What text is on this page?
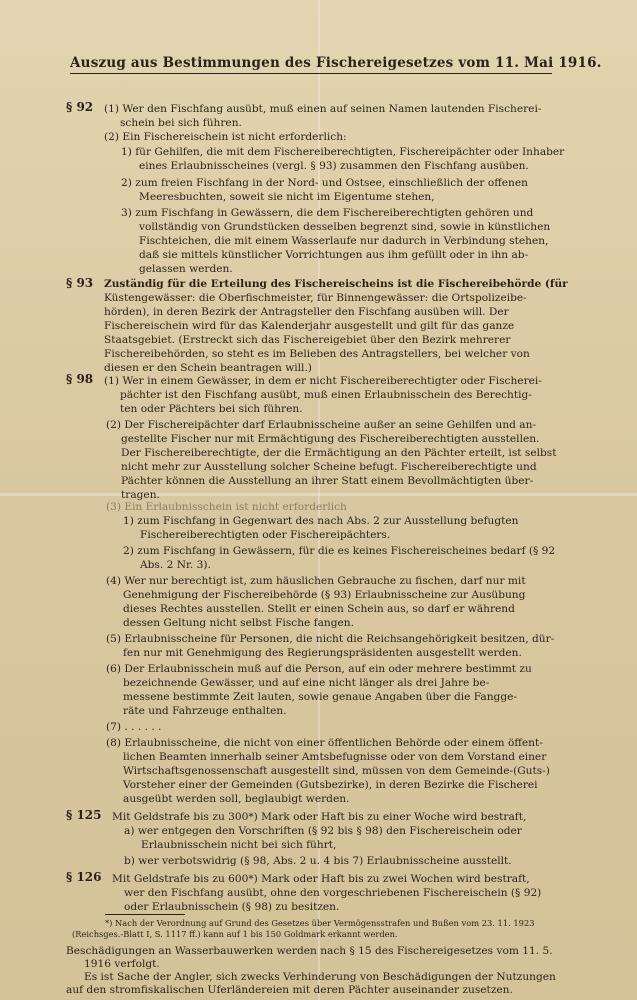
Auszug aus Bestimmungen des Fischereigesetzes vom 11. Mai 1916.
§ 92 (1) Wer den Fischfang ausübt, muß einen auf seinen Namen lautenden Fischerei-
schein bei sich führen.
(2) Ein Fischereischein ist nicht erforderlich:
1) für Gehilfen, die mit dem Fischereiberechtigten, Fischereipächter oder Inhaber
eines Erlaubnisscheines (vergl. § 93) zusammen den Fischfang ausüben.
2) zum freien Fischfang in der Nord- und Ostsee, einschließlich der offenen
Meeresbuchten, soweit sie nicht im Eigentume stehen,
3) zum Fischfang in Gewässern, die dem Fischereiberechtigten gehören und
vollständig von Grundstücken desselben begrenzt sind, sowie in künstlichen
Fischteichen, die mit einem Wasserlaufe nur dadurch in Verbindung stehen,
daß sie mittels künstlicher Vorrichtungen aus ihm gefüllt oder in ihn ab-
gelassen werden.
§ 93 Zuständig für die Erteilung des Fischereischeins ist die Fischereibehörde (für
Küstengewässer: die Oberfischmeister, für Binnengewässer: die Ortspolizeibe-
hörden), in deren Bezirk der Antragsteller den Fischfang ausüben will. Der
Fischereischein wird für das Kalenderjahr ausgestellt und gilt für das ganze
Staatsgebiet. (Erstreckt sich das Fischereigebiet über den Bezirk mehrerer
Fischereibehörden, so steht es im Belieben des Antragstellers, bei welcher von
diesen er den Schein beantragen will.)
§ 98 (1) Wer in einem Gewässer, in dem er nicht Fischereiberechtigter oder Fischerei-
pächter ist den Fischfang ausübt, muß einen Erlaubnisschein des Berechtig-
ten oder Pächters bei sich führen.
(2) Der Fischereipächter darf Erlaubnisscheine außer an seine Gehilfen und an-
gestellte Fischer nur mit Ermächtigung des Fischereiberechtigten ausstellen.
Der Fischereiberechtigte, der die Ermächtigung an den Pächter erteilt, ist selbst
nicht mehr zur Ausstellung solcher Scheine befugt. Fischereiberechtigte und
Pächter können die Ausstellung an ihrer Statt einem Bevollmächtigten über-
tragen.
(3) Ein Erlaubnisschein ist nicht erforderlich
1) zum Fischfang in Gegenwart des nach Abs. 2 zur Ausstellung befugten
Fischereiberechtigten oder Fischereipächters.
2) zum Fischfang in Gewässern, für die es keines Fischereischeines bedarf (§ 92
Abs. 2 Nr. 3).
(4) Wer nur berechtigt ist, zum häuslichen Gebrauche zu fischen, darf nur mit
Genehmigung der Fischereibehörde (§ 93) Erlaubnisscheine zur Ausübung
dieses Rechtes ausstellen. Stellt er einen Schein aus, so darf er während
dessen Geltung nicht selbst Fische fangen.
(5) Erlaubnisscheine für Personen, die nicht die Reichsangehörigkeit besitzen, dür-
fen nur mit Genehmigung des Regierungspräsidenten ausgestellt werden.
(6) Der Erlaubnisschein muß auf die Person, auf ein oder mehrere bestimmt zu
bezeichnende Gewässer, und auf eine nicht länger als drei Jahre be-
messene bestimmte Zeit lauten, sowie genaue Angaben über die Fangge-
räte und Fahrzeuge enthalten.
(7) . . . . . .
(8) Erlaubnisscheine, die nicht von einer öffentlichen Behörde oder einem öffent-
lichen Beamten innerhalb seiner Amtsbefugnisse oder von dem Vorstand einer
Wirtschaftsgenossenschaft ausgestellt sind, müssen von dem Gemeinde-(Guts-)
Vorsteher einer der Gemeinden (Gutsbezirke), in deren Bezirke die Fischerei
ausgeübt werden soll, beglaubigt werden.
§ 125 Mit Geldstrafe bis zu 300*) Mark oder Haft bis zu einer Woche wird bestraft,
a) wer entgegen den Vorschriften (§ 92 bis § 98) den Fischereischein oder
Erlaubnisschein nicht bei sich führt,
b) wer verbotswidrig (§ 98, Abs. 2 u. 4 bis 7) Erlaubnisscheine ausstellt.
§ 126 Mit Geldstrafe bis zu 600*) Mark oder Haft bis zu zwei Wochen wird bestraft,
wer den Fischfang ausübt, ohne den vorgeschriebenen Fischereischein (§ 92)
oder Erlaubnisschein (§ 98) zu besitzen.
*) Nach der Verordnung auf Grund des Gesetzes über Vermögensstrafen und Bußen vom 23. 11. 1923
(Reichsges.-Blatt I, S. 1117 ff.) kann auf 1 bis 150 Goldmark erkannt werden.
Beschädigungen an Wasserbauwerken werden nach § 15 des Fischereigesetzes vom 11. 5.
1916 verfolgt.
Es ist Sache der Angler, sich zwecks Verhinderung von Beschädigungen der Nutzungen
auf den stromfiskalischen Uferländereien mit deren Pächter auseinander zusetzen.
